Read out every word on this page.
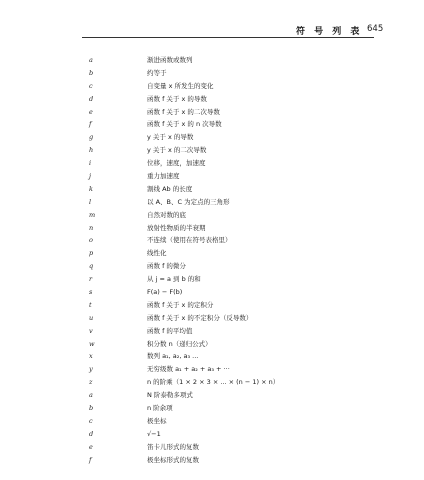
符 号 列 表 645
a	渐进函数或数列
b	约等于
c	自变量 x 所发生的变化
d	函数 f 关于 x 的导数
e	函数 f 关于 x 的二次导数
f	函数 f 关于 x 的 n 次导数
g	y 关于 x 的导数
h	y 关于 x 的二次导数
i	位移，速度，加速度
j	重力加速度
k	割线 Ab 的长度
l	以 A、B、C 为定点的三角形
m	自然对数的底
n	放射性物质的半衰期
o	不连续（使用在符号表格里）
p	线性化
q	函数 f 的微分
r	从 j = a 到 b 的和
s	F(a) − F(b)
t	函数 f 关于 x 的定积分
u	函数 f 关于 x 的不定积分（反导数）
v	函数 f 的平均值
w	积分数 n（递归公式）
x	数列 a₁, a₂, a₃ ...
y	无穷级数 a₁ + a₂ + a₃ + ···
z	n 的阶乘（1 × 2 × 3 × ... × (n − 1) × n）
a	N 阶泰勒多项式
b	n 阶余项
c	极坐标
d	√−1
e	笛卡儿形式的复数
f	极坐标形式的复数
